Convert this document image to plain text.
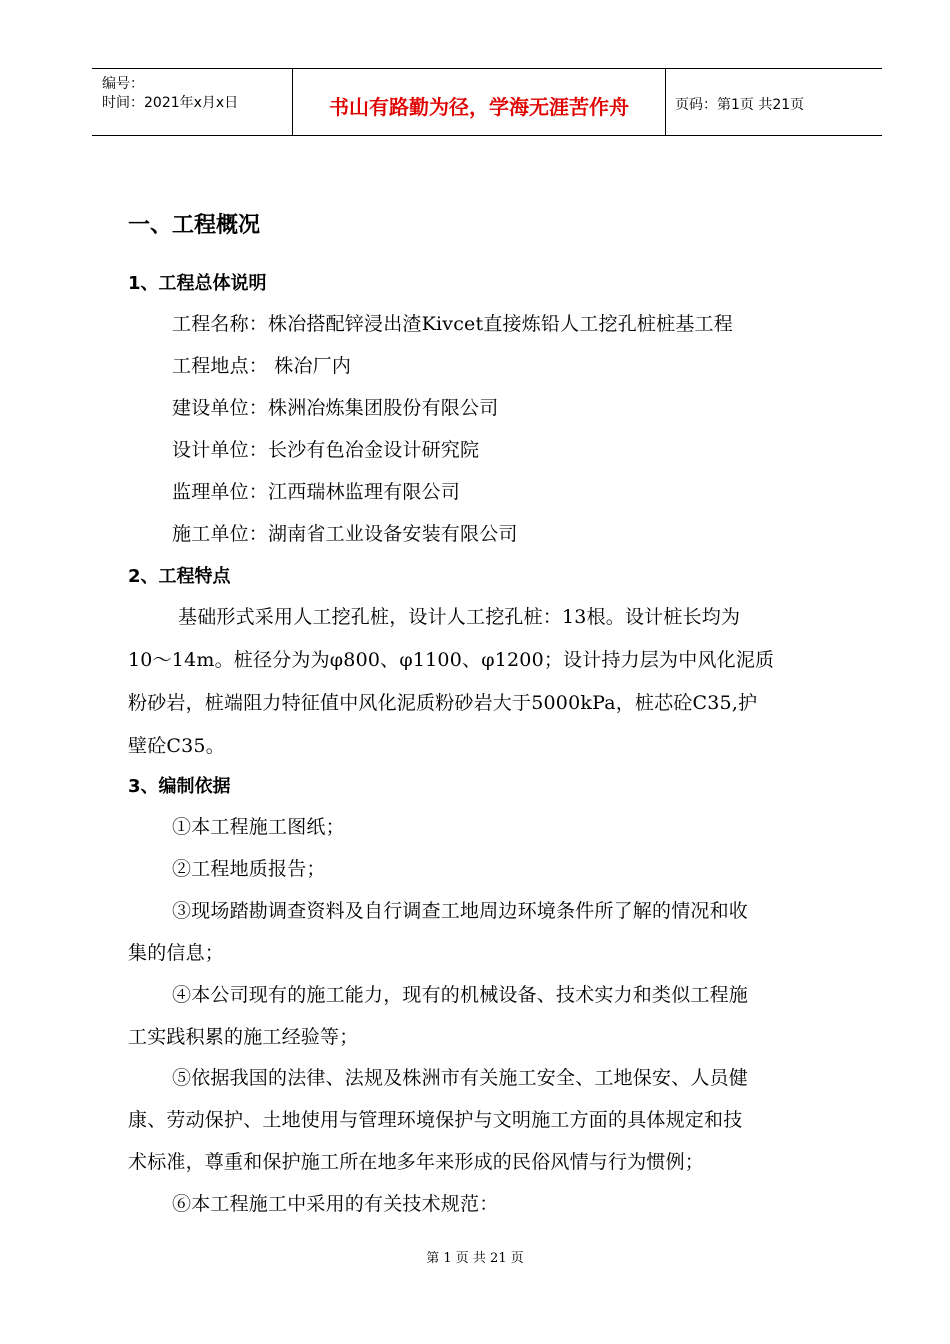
编号：
时间：2021年x月x日	书山有路勤为径，学海无涯苦作舟	页码：第1页 共21页
一、工程概况
1、工程总体说明
工程名称：株冶搭配锌浸出渣Kivcet直接炼铅人工挖孔桩桩基工程
工程地点： 株冶厂内
建设单位：株洲冶炼集团股份有限公司
设计单位：长沙有色冶金设计研究院
监理单位：江西瑞林监理有限公司
施工单位：湖南省工业设备安装有限公司
2、工程特点
基础形式采用人工挖孔桩，设计人工挖孔桩：13根。设计桩长均为
10～14m。桩径分为为φ800、φ1100、φ1200；设计持力层为中风化泥质
粉砂岩，桩端阻力特征值中风化泥质粉砂岩大于5000kPa，桩芯砼C35,护
壁砼C35。
3、编制依据
①本工程施工图纸；
②工程地质报告；
③现场踏勘调查资料及自行调查工地周边环境条件所了解的情况和收
集的信息；
④本公司现有的施工能力，现有的机械设备、技术实力和类似工程施
工实践积累的施工经验等；
⑤依据我国的法律、法规及株洲市有关施工安全、工地保安、人员健
康、劳动保护、土地使用与管理环境保护与文明施工方面的具体规定和技
术标准，尊重和保护施工所在地多年来形成的民俗风情与行为惯例；
⑥本工程施工中采用的有关技术规范：
第 1 页 共 21 页
